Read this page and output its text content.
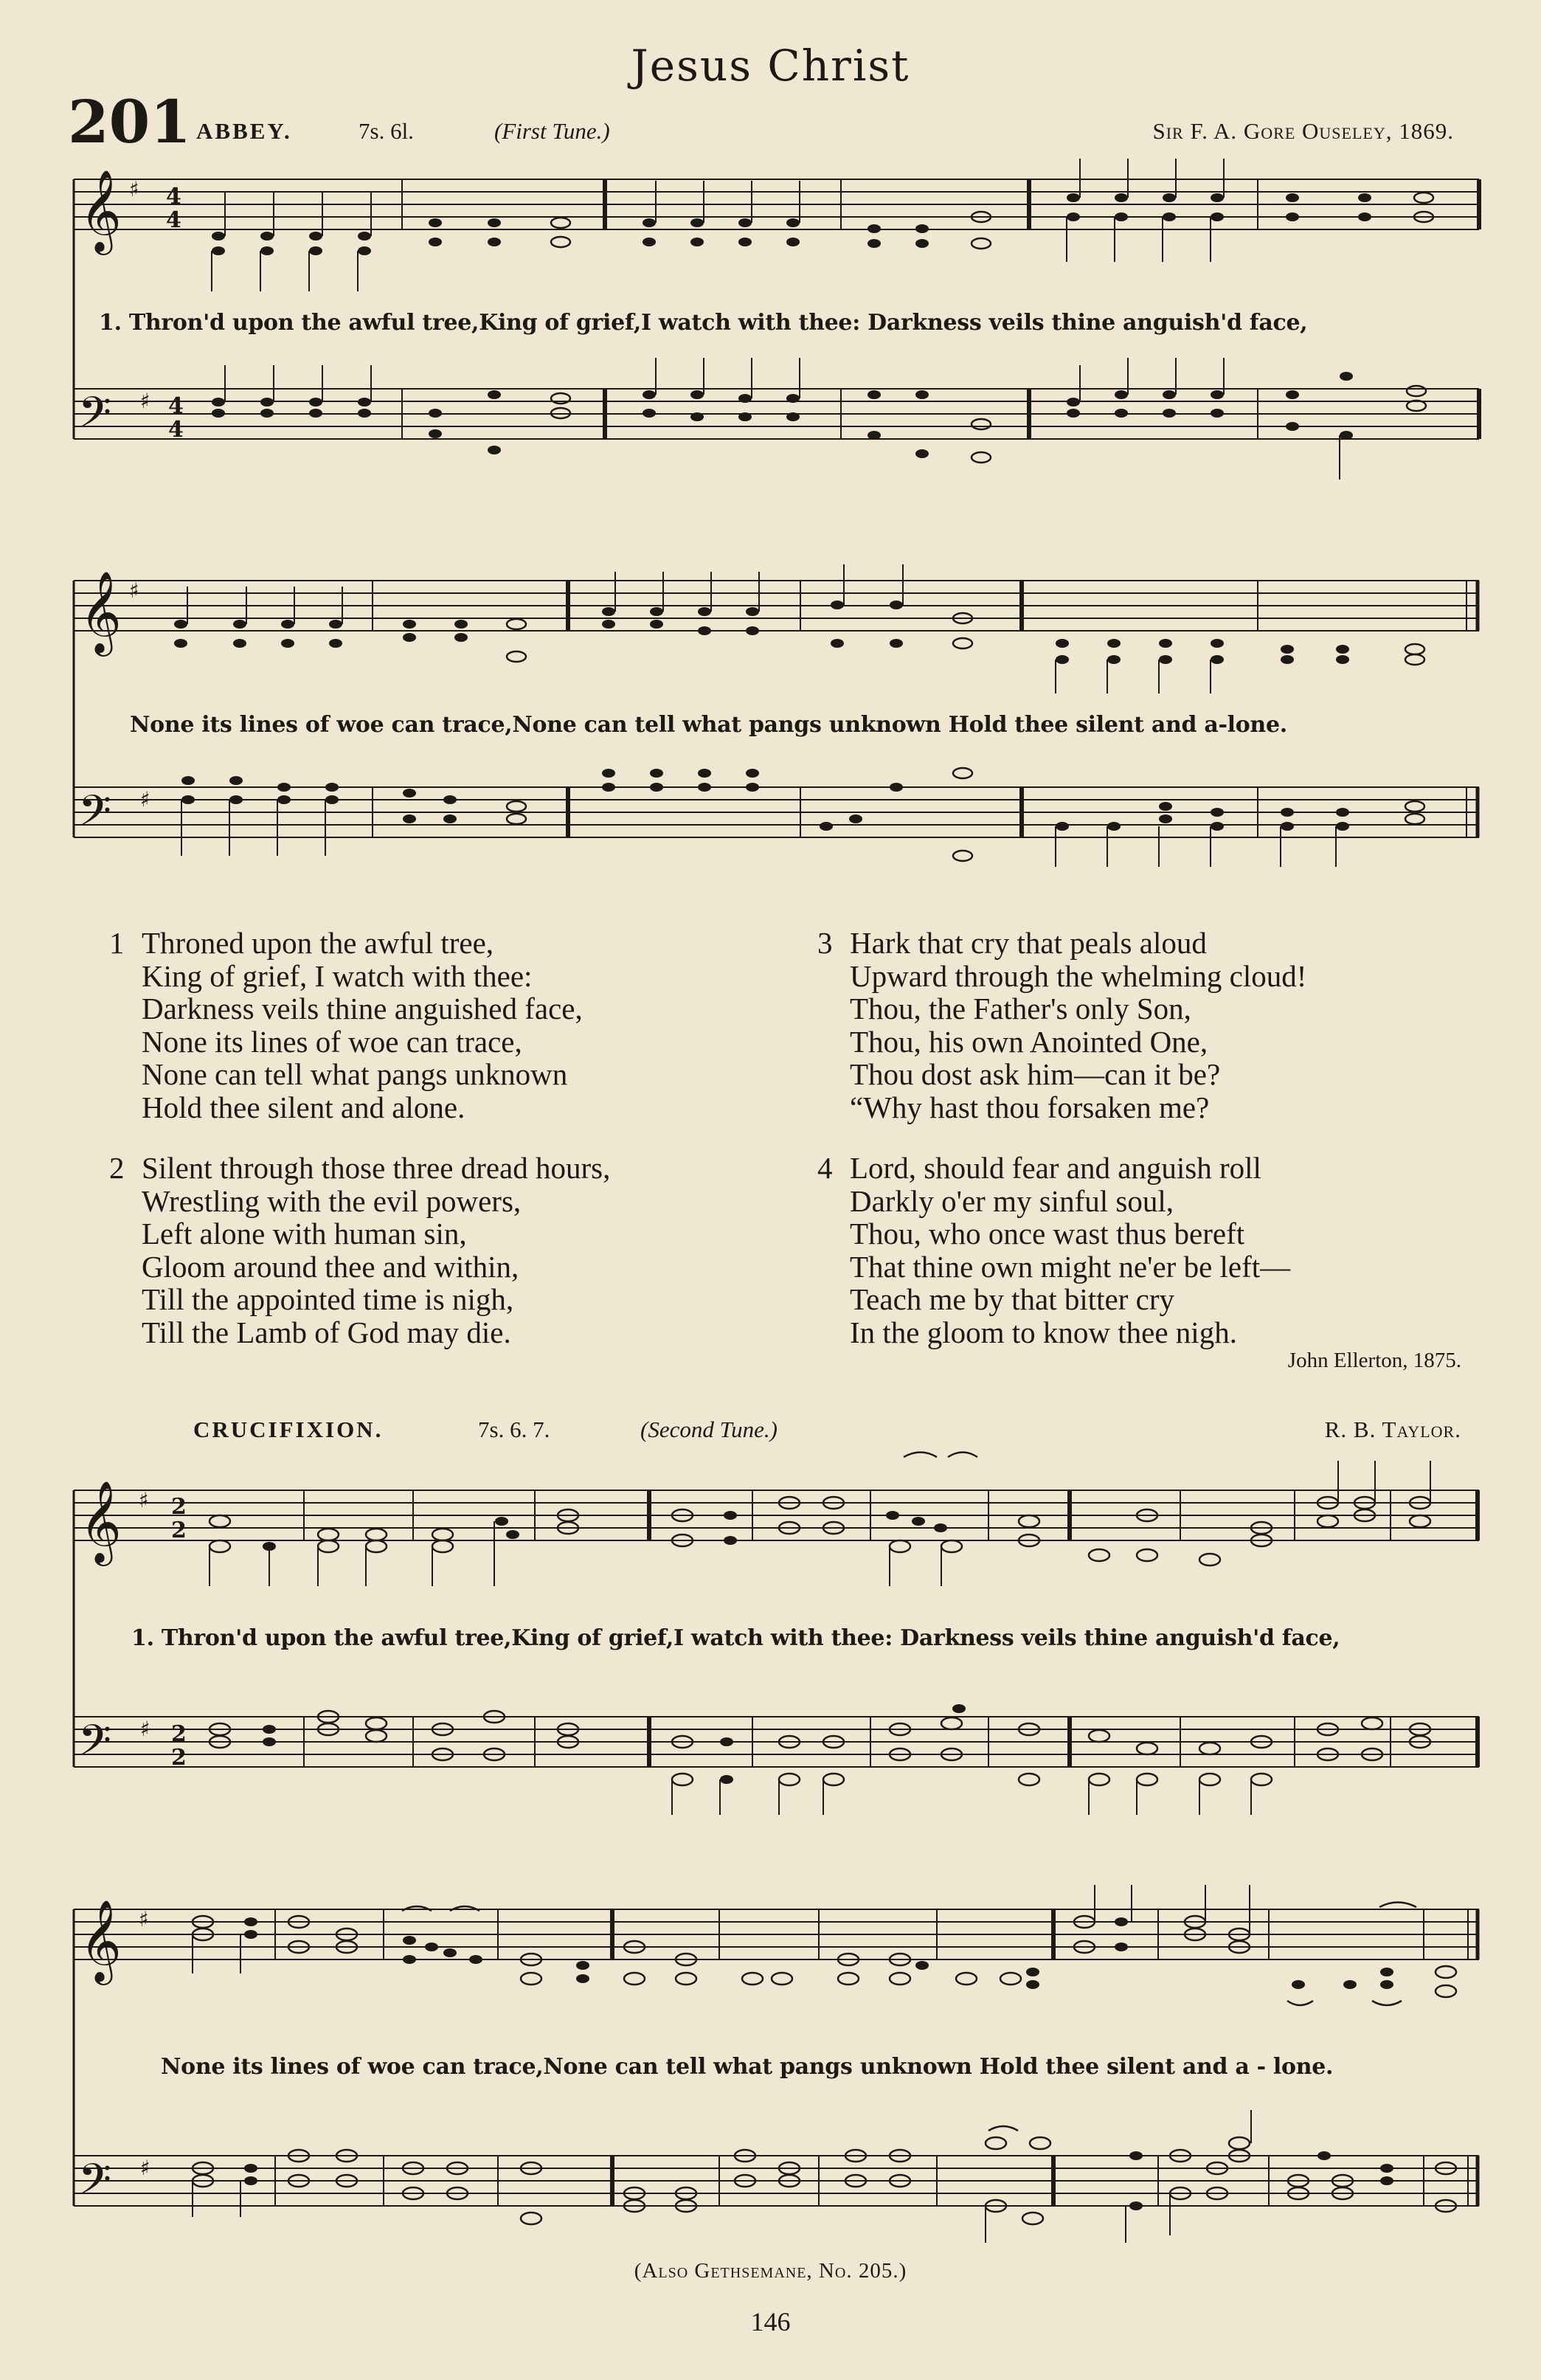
Jesus Christ
201 ABBEY.	7s. 6l.	(First Tune.)	Sir F. A. Gore Ouseley, 1869.
𝄞
𝄢
♯
♯
4
4
4
4
1. Thron'd upon the awful tree,King of grief,I watch with thee: Darkness veils thine anguish'd face,
𝄞
𝄢
♯
♯
None its lines of woe can trace,None can tell what pangs unknown Hold thee silent and a-lone.
1 Throned upon the awful tree,
King of grief, I watch with thee:
Darkness veils thine anguished face,
None its lines of woe can trace,
None can tell what pangs unknown
Hold thee silent and alone.
2 Silent through those three dread hours,
Wrestling with the evil powers,
Left alone with human sin,
Gloom around thee and within,
Till the appointed time is nigh,
Till the Lamb of God may die.
3 Hark that cry that peals aloud
Upward through the whelming cloud!
Thou, the Father's only Son,
Thou, his own Anointed One,
Thou dost ask him—can it be?
“Why hast thou forsaken me?
4 Lord, should fear and anguish roll
Darkly o'er my sinful soul,
Thou, who once wast thus bereft
That thine own might ne'er be left—
Teach me by that bitter cry
In the gloom to know thee nigh.
John Ellerton, 1875.
CRUCIFIXION.	7s. 6. 7.	(Second Tune.)	R. B. Taylor.
𝄞
𝄢
♯
♯
2
2
2
2
1. Thron'd upon the awful tree,King of grief,I watch with thee: Darkness veils thine anguish'd face,
𝄞
𝄢
♯
♯
None its lines of woe can trace,None can tell what pangs unknown Hold thee silent and a - lone.
(Also Gethsemane, No. 205.)
146
